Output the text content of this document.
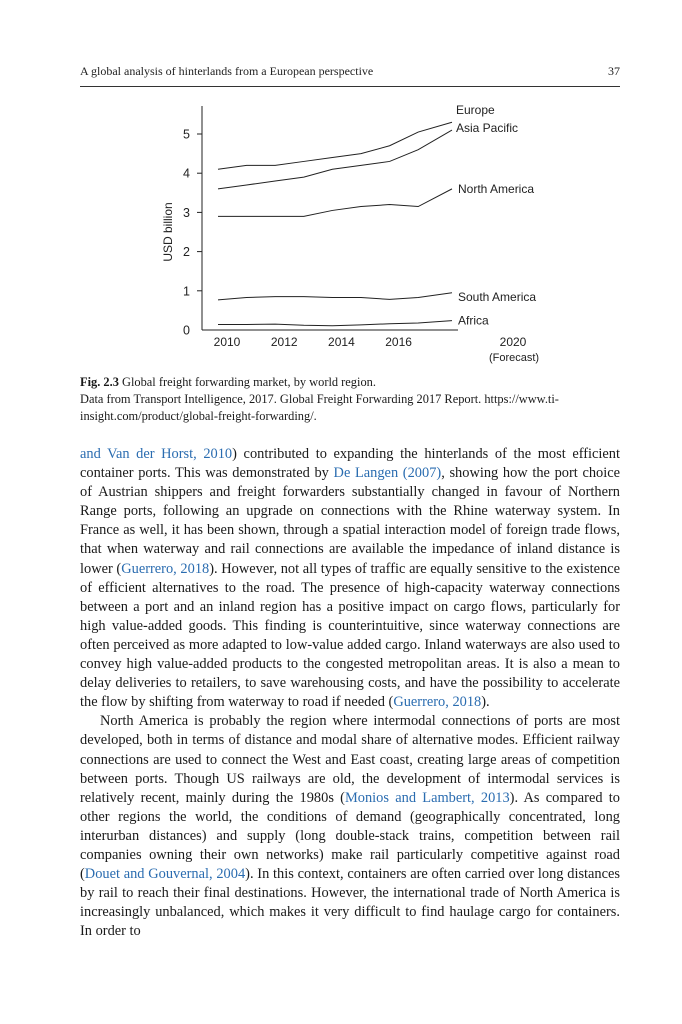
A global analysis of hinterlands from a European perspective	37
0
1
2
3
4
5
USD billion
2010	2012	2014	2016	2020
(Forecast)
Europe
Asia Pacific
North America
South America
Africa
Fig. 2.3 Global freight forwarding market, by world region.
Data from Transport Intelligence, 2017. Global Freight Forwarding 2017 Report. https://www.ti-insight.com/product/global-freight-forwarding/.

and Van der Horst, 2010) contributed to expanding the hinterlands of the most efficient container ports. This was demonstrated by De Langen (2007), showing how the port choice of Austrian shippers and freight forwarders substantially changed in favour of Northern Range ports, following an upgrade on connections with the Rhine waterway system. In France as well, it has been shown, through a spatial interaction model of foreign trade flows, that when waterway and rail connections are available the impedance of inland distance is lower (Guerrero, 2018). However, not all types of traffic are equally sensitive to the existence of efficient alternatives to the road. The presence of high-capacity waterway connections between a port and an inland region has a positive impact on cargo flows, particularly for high value-added goods. This finding is counterintuitive, since waterway connections are often perceived as more adapted to low-value added cargo. Inland waterways are also used to convey high value-added products to the congested metropolitan areas. It is also a mean to delay deliveries to retailers, to save warehousing costs, and have the possibility to accelerate the flow by shifting from waterway to road if needed (Guerrero, 2018).

North America is probably the region where intermodal connections of ports are most developed, both in terms of distance and modal share of alternative modes. Efficient railway connections are used to connect the West and East coast, creating large areas of competition between ports. Though US railways are old, the development of intermodal services is relatively recent, mainly during the 1980s (Monios and Lambert, 2013). As compared to other regions the world, the conditions of demand (geographically concentrated, long interurban distances) and supply (long double-stack trains, competition between rail companies owning their own networks) make rail particularly competitive against road (Douet and Gouvernal, 2004). In this context, containers are often carried over long distances by rail to reach their final destinations. However, the international trade of North America is increasingly unbalanced, which makes it very difficult to find haulage cargo for containers. In order to
